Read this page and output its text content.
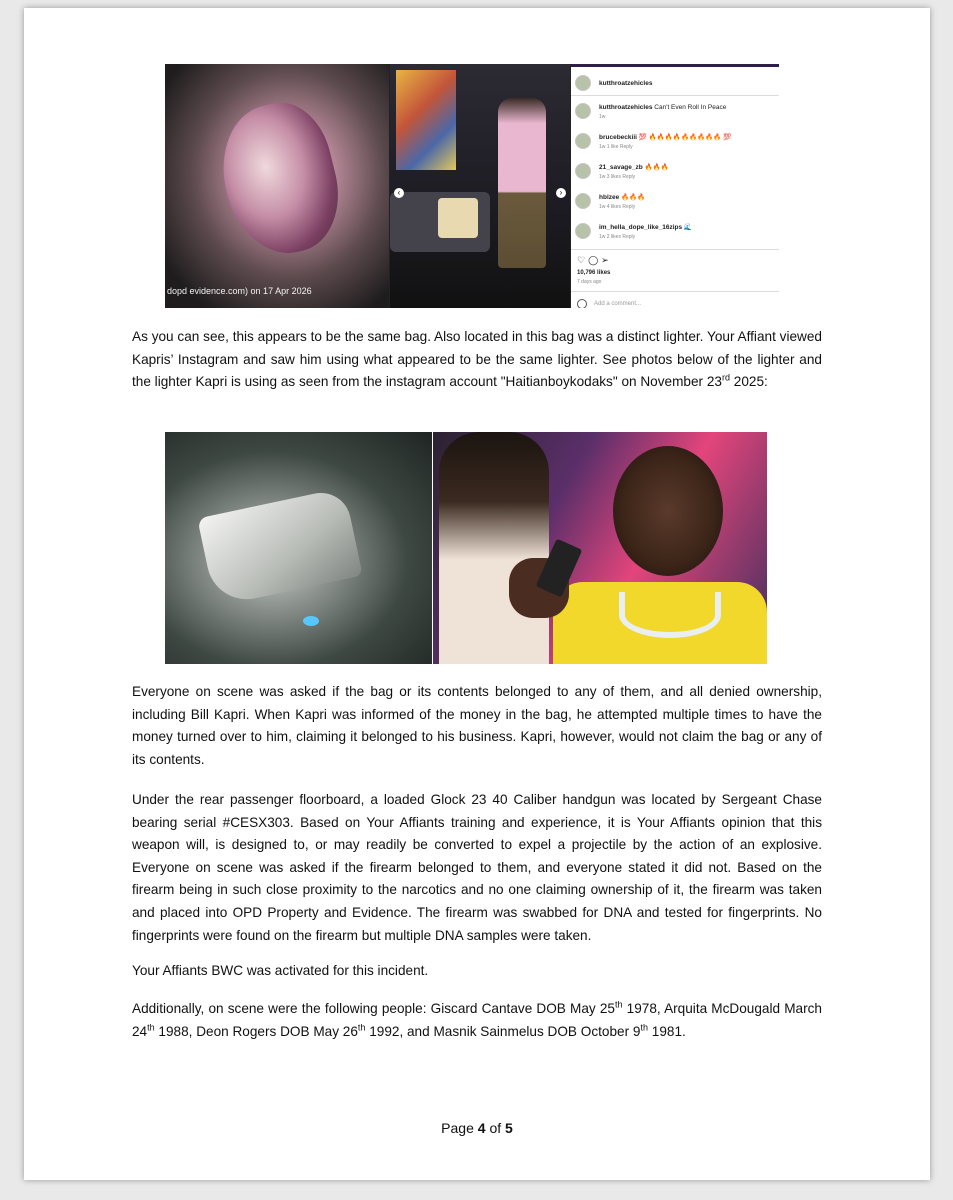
dopd evidence.com) on 17 Apr 2026
‹	›
kutthroatzehicles
kutthroatzehicles Can't Even Roll In Peace
1w
brucebeckiii 💯 🔥🔥🔥🔥🔥🔥🔥🔥🔥 💯
1w 1 like Reply
21_savage_zb 🔥🔥🔥
1w 3 likes Reply
hblzee 🔥🔥🔥
1w 4 likes Reply
im_hella_dope_like_16zips 🌊
1w 2 likes Reply
♡◯➢
10,796 likes
7 days ago
Add a comment...

As you can see, this appears to be the same bag. Also located in this bag was a distinct lighter. Your Affiant viewed Kapris’ Instagram and saw him using what appeared to be the same lighter. See photos below of the lighter and the lighter Kapri is using as seen from the instagram account "Haitianboykodaks" on November 23rd 2025:

Everyone on scene was asked if the bag or its contents belonged to any of them, and all denied ownership, including Bill Kapri. When Kapri was informed of the money in the bag, he attempted multiple times to have the money turned over to him, claiming it belonged to his business. Kapri, however, would not claim the bag or any of its contents.

Under the rear passenger floorboard, a loaded Glock 23 40 Caliber handgun was located by Sergeant Chase bearing serial #CESX303. Based on Your Affiants training and experience, it is Your Affiants opinion that this weapon will, is designed to, or may readily be converted to expel a projectile by the action of an explosive. Everyone on scene was asked if the firearm belonged to them, and everyone stated it did not. Based on the firearm being in such close proximity to the narcotics and no one claiming ownership of it, the firearm was taken and placed into OPD Property and Evidence. The firearm was swabbed for DNA and tested for fingerprints. No fingerprints were found on the firearm but multiple DNA samples were taken.

Your Affiants BWC was activated for this incident.

Additionally, on scene were the following people: Giscard Cantave DOB May 25th 1978, Arquita McDougald March 24th 1988, Deon Rogers DOB May 26th 1992, and Masnik Sainmelus DOB October 9th 1981.

Page 4 of 5
